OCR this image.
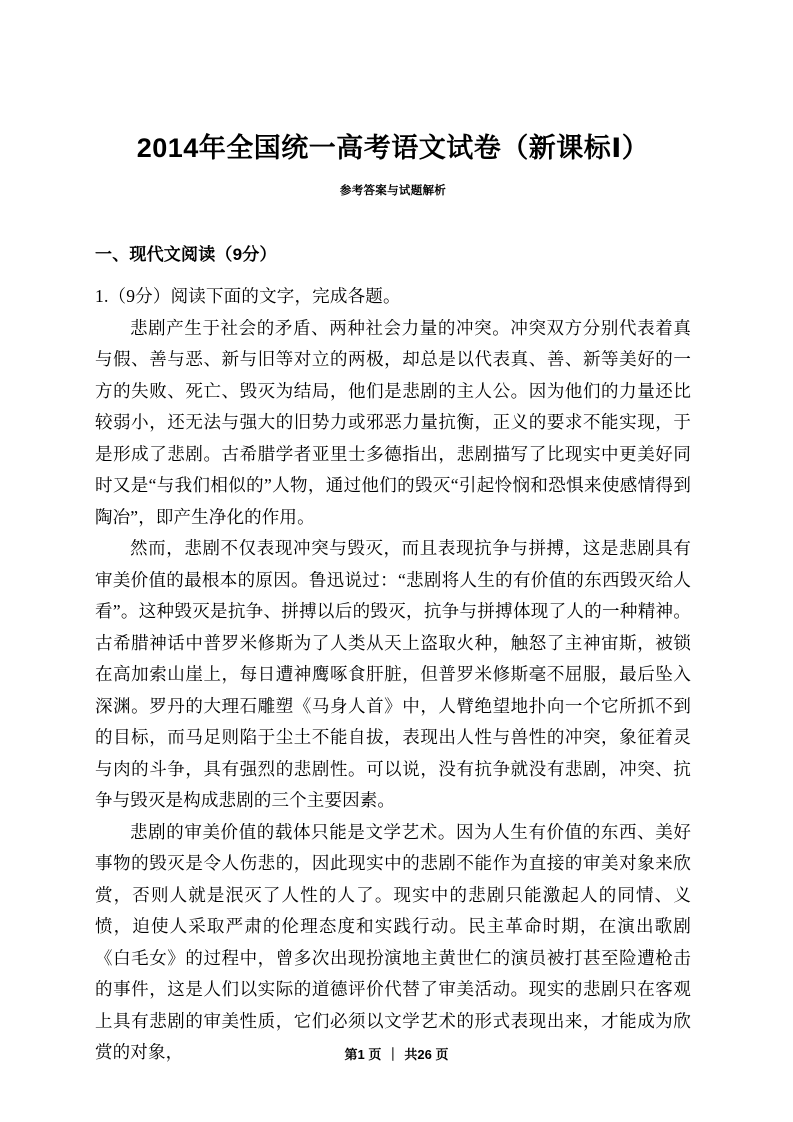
2014年全国统一高考语文试卷（新课标Ⅰ）
参考答案与试题解析
一、现代文阅读（9分）
1.（9分）阅读下面的文字，完成各题。

悲剧产生于社会的矛盾、两种社会力量的冲突。冲突双方分别代表着真与假、善与恶、新与旧等对立的两极，却总是以代表真、善、新等美好的一方的失败、死亡、毁灭为结局，他们是悲剧的主人公。因为他们的力量还比较弱小，还无法与强大的旧势力或邪恶力量抗衡，正义的要求不能实现，于是形成了悲剧。古希腊学者亚里士多德指出，悲剧描写了比现实中更美好同时又是“与我们相似的”人物，通过他们的毁灭“引起怜悯和恐惧来使感情得到陶冶”，即产生净化的作用。

然而，悲剧不仅表现冲突与毁灭，而且表现抗争与拼搏，这是悲剧具有审美价值的最根本的原因。鲁迅说过：“悲剧将人生的有价值的东西毁灭给人看”。这种毁灭是抗争、拼搏以后的毁灭，抗争与拼搏体现了人的一种精神。古希腊神话中普罗米修斯为了人类从天上盗取火种，触怒了主神宙斯，被锁在高加索山崖上，每日遭神鹰啄食肝脏，但普罗米修斯毫不屈服，最后坠入深渊。罗丹的大理石雕塑《马身人首》中，人臂绝望地扑向一个它所抓不到的目标，而马足则陷于尘土不能自拔，表现出人性与兽性的冲突，象征着灵与肉的斗争，具有强烈的悲剧性。可以说，没有抗争就没有悲剧，冲突、抗争与毁灭是构成悲剧的三个主要因素。

悲剧的审美价值的载体只能是文学艺术。因为人生有价值的东西、美好事物的毁灭是令人伤悲的，因此现实中的悲剧不能作为直接的审美对象来欣赏，否则人就是泯灭了人性的人了。现实中的悲剧只能激起人的同情、义愤，迫使人采取严肃的伦理态度和实践行动。民主革命时期，在演出歌剧《白毛女》的过程中，曾多次出现扮演地主黄世仁的演员被打甚至险遭枪击的事件，这是人们以实际的道德评价代替了审美活动。现实的悲剧只在客观上具有悲剧的审美性质，它们必须以文学艺术的形式表现出来，才能成为欣赏的对象，	第1 页 ｜ 共26 页
